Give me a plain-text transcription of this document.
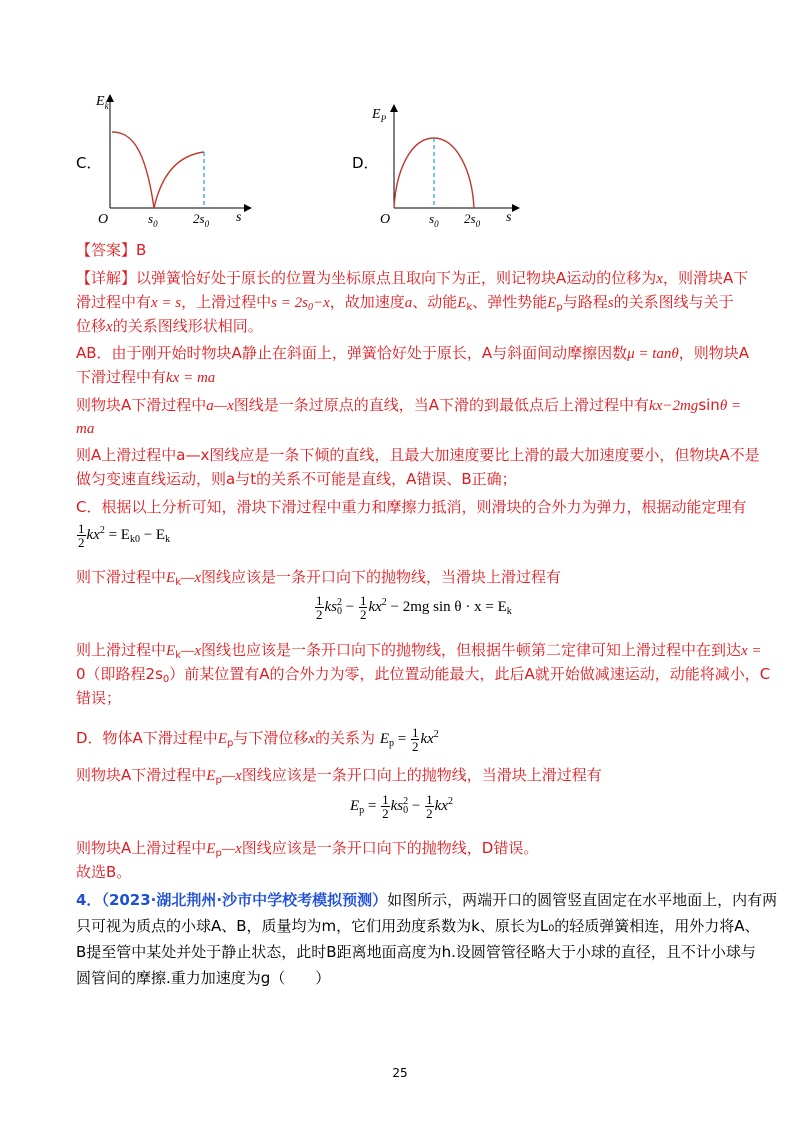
C．
$E_k$
O	$s_0$	$2s_0$ s
D．
$E_P$
O	$s_0$ $2s_0$ s
【答案】B
【详解】以弹簧恰好处于原长的位置为坐标原点且取向下为正，则记物块A运动的位移为x，则滑块A下
滑过程中有x = s，上滑过程中$s = 2s_0-x$，故加速度a、动能$E_k$、弹性势能$E_p$与路程s的关系图线与关于
位移x的关系图线形状相同。
AB．由于刚开始时物块A静止在斜面上，弹簧恰好处于原长，A与斜面间动摩擦因数μ = tanθ，则物块A
下滑过程中有kx = ma
则物块A下滑过程中a—x图线是一条过原点的直线，当A下滑的到最低点后上滑过程中有kx−2mgsinθ =
ma
则A上滑过程中a—x图线应是一条下倾的直线，且最大加速度要比上滑的最大加速度要小，但物块A不是
做匀变速直线运动，则a与t的关系不可能是直线，A错误、B正确；
C．根据以上分析可知，滑块下滑过程中重力和摩擦力抵消，则滑块的合外力为弹力，根据动能定理有
$\frac{1}{2} kx^2 = E_{k0} - E_k$
则下滑过程中$E_k—x$图线应该是一条开口向下的抛物线，当滑块上滑过程有
$\frac{1}{2} ks_0^2 - \frac{1}{2} kx^2 - 2mg$ $\sin \theta \cdot x = E_k$
则上滑过程中$E_k—x$图线也应该是一条开口向下的抛物线，但根据牛顿第二定律可知上滑过程中在到达x =
0（即路程$2s_0$）前某位置有A的合外力为零，此位置动能最大，此后A就开始做减速运动，动能将减小，C
错误；
D．物体A下滑过程中$E_p$与下滑位移x的关系为 $E_p = \frac{1}{2} kx^2$
则物块A下滑过程中$E_p—x$图线应该是一条开口向上的抛物线，当滑块上滑过程有
$E_p = \frac{1}{2} ks_0^2 - \frac{1}{2} kx^2$
则物块A上滑过程中$E_p—x$图线应该是一条开口向下的抛物线，D错误。
故选B。
4．（2023·湖北荆州·沙市中学校考模拟预测）如图所示，两端开口的圆管竖直固定在水平地面上，内有两
只可视为质点的小球A、B，质量均为m，它们用劲度系数为k、原长为L₀的轻质弹簧相连，用外力将A、
B提至管中某处并处于静止状态，此时B距离地面高度为h.设圆管管径略大于小球的直径，且不计小球与
圆管间的摩擦.重力加速度为g（　　）
25
